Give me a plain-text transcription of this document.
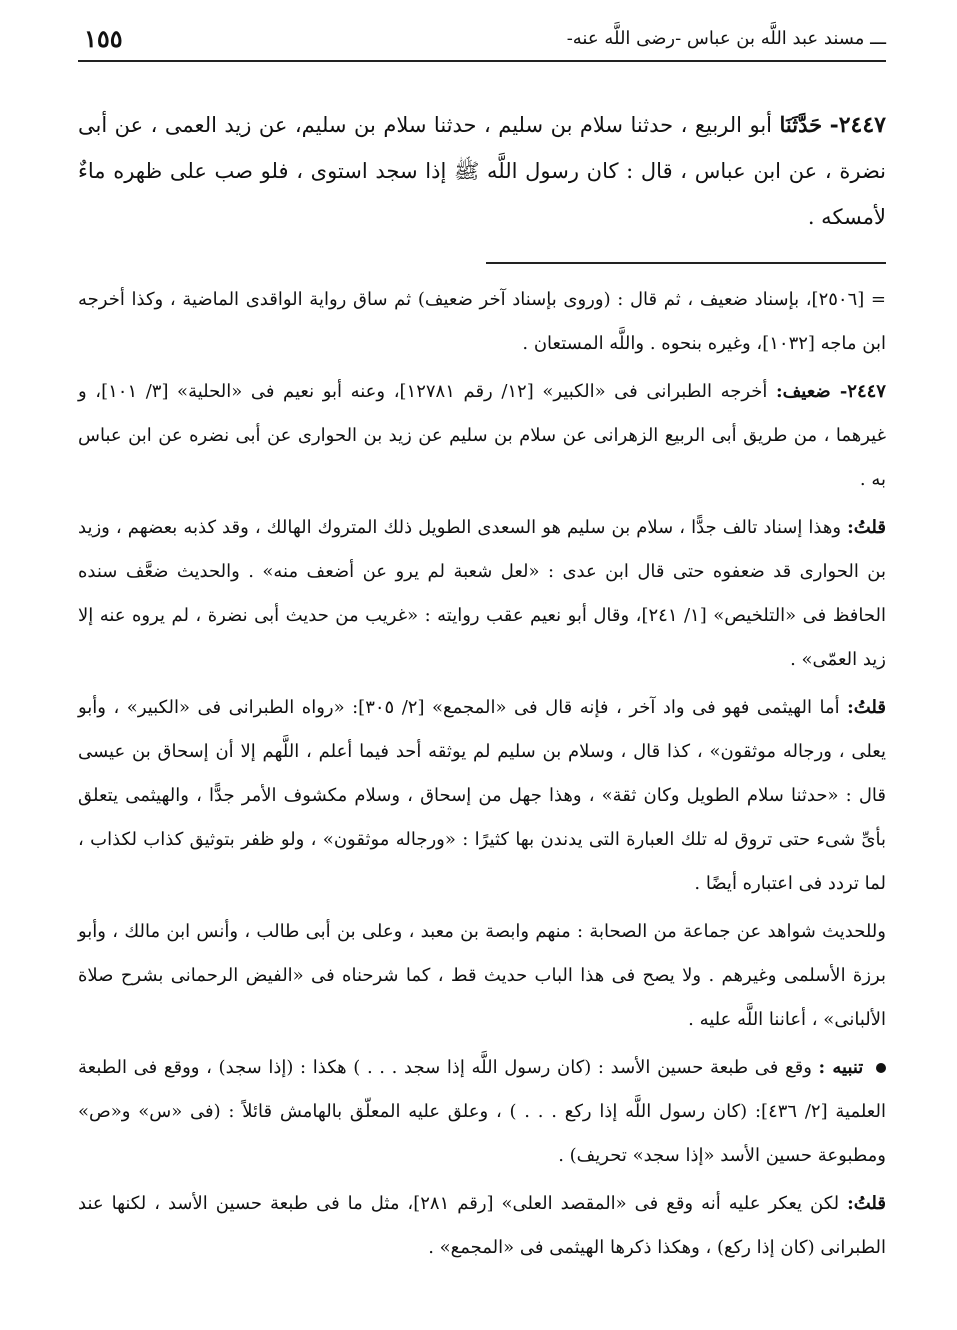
ـــ مسند عبد اللَّه بن عباس -رضى اللَّه عنه-
١٥٥

٢٤٤٧- حَدَّثَنَا أبو الربيع ، حدثنا سلام بن سليم ، حدثنا سلام بن سليم، عن زيد العمى ، عن أبى نضرة ، عن ابن عباس ، قال : كان رسول اللَّه ﷺ إذا سجد استوى ، فلو صب على ظهره ماءٌ لأمسكه .

= [٢٥٠٦]، بإسناد ضعيف ، ثم قال : (وروى بإسناد آخر ضعيف) ثم ساق رواية الواقدى الماضية ، وكذا أخرجه ابن ماجه [١٠٣٢]، وغيره بنحوه . واللَّه المستعان .

٢٤٤٧- ضعيف: أخرجه الطبرانى فى «الكبير» [١٢/ رقم ١٢٧٨١]، وعنه أبو نعيم فى «الحلية» [٣/ ١٠١]، و غيرهما ، من طريق أبى الربيع الزهرانى عن سلام بن سليم عن زيد بن الحوارى عن أبى نضره عن ابن عباس به .

قلتُ: وهذا إسناد تالف جدًّا ، سلام بن سليم هو السعدى الطويل ذلك المتروك الهالك ، وقد كذبه بعضهم ، وزيد بن الحوارى قد ضعفوه حتى قال ابن عدى : «لعل شعبة لم يرو عن أضعف منه» . والحديث ضعَّف سنده الحافظ فى «التلخيص» [١/ ٢٤١]، وقال أبو نعيم عقب روايته : «غريب من حديث أبى نضرة ، لم يروه عنه إلا زيد العمّى» .

قلتُ: أما الهيثمى فهو فى واد آخر ، فإنه قال فى «المجمع» [٢/ ٣٠٥]: «رواه الطبرانى فى «الكبير» ، وأبو يعلى ، ورجاله موثقون» ، كذا قال ، وسلام بن سليم لم يوثقه أحد فيما أعلم ، اللَّهم إلا أن إسحاق بن عيسى قال : «حدثنا سلام الطويل وكان ثقة» ، وهذا جهل من إسحاق ، وسلام مكشوف الأمر جدًّا ، والهيثمى يتعلق بأىِّ شىء حتى تروق له تلك العبارة التى يدندن بها كثيرًا : «ورجاله موثقون» ، ولو ظفر بتوثيق كذاب لكذاب ، لما تردد فى اعتباره أيضًا .

وللحديث شواهد عن جماعة من الصحابة : منهم وابصة بن معبد ، وعلى بن أبى طالب ، وأنس ابن مالك ، وأبو برزة الأسلمى وغيرهم . ولا يصح فى هذا الباب حديث قط ، كما شرحناه فى «الفيض الرحمانى بشرح صلاة الألبانى» ، أعاننا اللَّه عليه .

تنبيه : وقع فى طبعة حسين الأسد : (كان رسول اللَّه إذا سجد . . . ) هكذا : (إذا سجد) ، ووقع فى الطبعة العلمية [٢/ ٤٣٦]: (كان رسول اللَّه إذا ركع . . . ) ، وعلق عليه المعلّق بالهامش قائلاً : (فى «س» و«ص» ومطبوعة حسين الأسد «إذا سجد» تحريف) .

قلتُ: لكن يعكر عليه أنه وقع فى «المقصد العلى» [رقم ٢٨١]، مثل ما فى طبعة حسين الأسد ، لكنها عند الطبرانى (كان إذا ركع) ، وهكذا ذكرها الهيثمى فى «المجمع» .
